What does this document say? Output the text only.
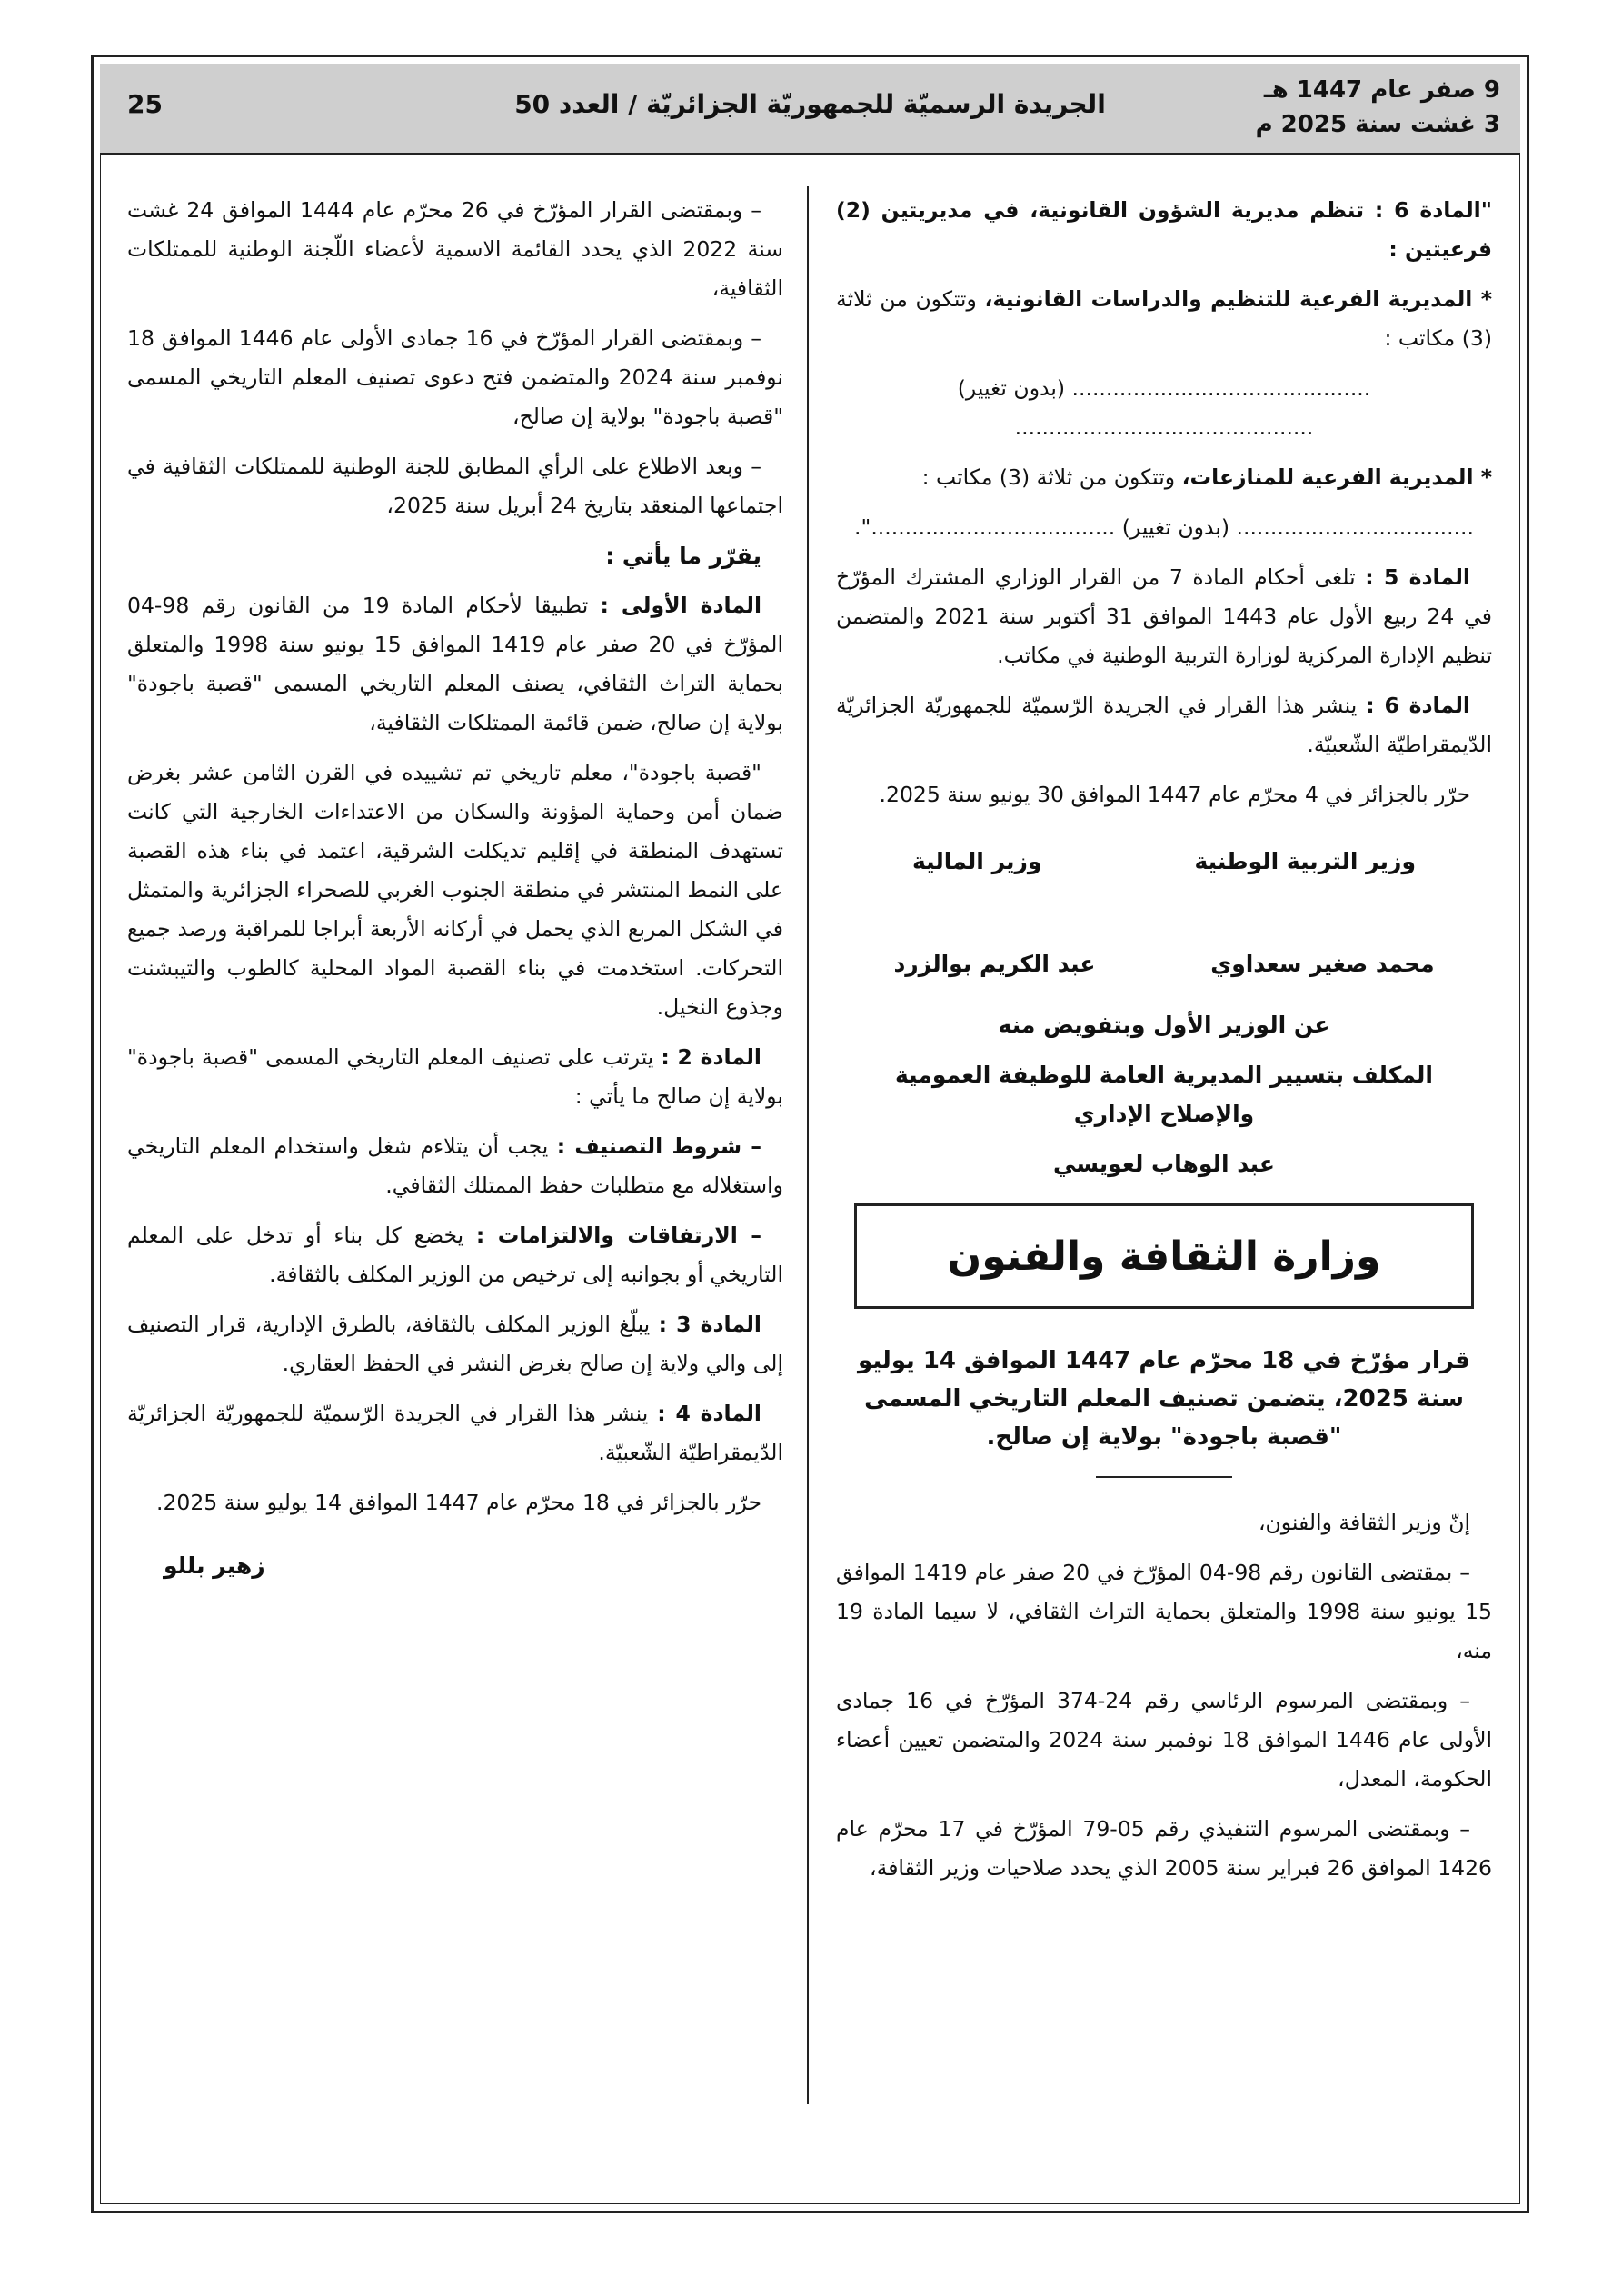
9 صفر عام 1447 هـ
3 غشت سنة 2025 م
الجريدة الرسميّة للجمهوريّة الجزائريّة / العدد 50
25

"المادة 6 : تنظم مديرية الشؤون القانونية، في مديريتين (2) فرعيتين :

* المديرية الفرعية للتنظيم والدراسات القانونية، وتتكون من ثلاثة (3) مكاتب :

............................................ (بدون تغيير) ............................................

* المديرية الفرعية للمنازعات، وتتكون من ثلاثة (3) مكاتب :

................................... (بدون تغيير) ....................................".

المادة 5 : تلغى أحكام المادة 7 من القرار الوزاري المشترك المؤرّخ في 24 ربيع الأول عام 1443 الموافق 31 أكتوبر سنة 2021 والمتضمن تنظيم الإدارة المركزية لوزارة التربية الوطنية في مكاتب.

المادة 6 : ينشر هذا القرار في الجريدة الرّسميّة للجمهوريّة الجزائريّة الدّيمقراطيّة الشّعبيّة.

حرّر بالجزائر في 4 محرّم عام 1447 الموافق 30 يونيو سنة 2025.

وزير التربية الوطنية
وزير المالية
محمد صغير سعداوي
عبد الكريم بوالزرد

عن الوزير الأول وبتفويض منه

المكلف بتسيير المديرية العامة للوظيفة العمومية والإصلاح الإداري

عبد الوهاب لعويسي

وزارة الثقافة والفنون
قرار مؤرّخ في 18 محرّم عام 1447 الموافق 14 يوليو سنة 2025، يتضمن تصنيف المعلم التاريخي المسمى "قصبة باجودة" بولاية إن صالح.

إنّ وزير الثقافة والفنون،

– بمقتضى القانون رقم 98-04 المؤرّخ في 20 صفر عام 1419 الموافق 15 يونيو سنة 1998 والمتعلق بحماية التراث الثقافي، لا سيما المادة 19 منه،

– وبمقتضى المرسوم الرئاسي رقم 24-374 المؤرّخ في 16 جمادى الأولى عام 1446 الموافق 18 نوفمبر سنة 2024 والمتضمن تعيين أعضاء الحكومة، المعدل،

– وبمقتضى المرسوم التنفيذي رقم 05-79 المؤرّخ في 17 محرّم عام 1426 الموافق 26 فبراير سنة 2005 الذي يحدد صلاحيات وزير الثقافة،

– وبمقتضى القرار المؤرّخ في 26 محرّم عام 1444 الموافق 24 غشت سنة 2022 الذي يحدد القائمة الاسمية لأعضاء اللّجنة الوطنية للممتلكات الثقافية،

– وبمقتضى القرار المؤرّخ في 16 جمادى الأولى عام 1446 الموافق 18 نوفمبر سنة 2024 والمتضمن فتح دعوى تصنيف المعلم التاريخي المسمى "قصبة باجودة" بولاية إن صالح،

– وبعد الاطلاع على الرأي المطابق للجنة الوطنية للممتلكات الثقافية في اجتماعها المنعقد بتاريخ 24 أبريل سنة 2025،

يقرّر ما يأتي :

المادة الأولى : تطبيقا لأحكام المادة 19 من القانون رقم 98-04 المؤرّخ في 20 صفر عام 1419 الموافق 15 يونيو سنة 1998 والمتعلق بحماية التراث الثقافي، يصنف المعلم التاريخي المسمى "قصبة باجودة" بولاية إن صالح، ضمن قائمة الممتلكات الثقافية،

"قصبة باجودة"، معلم تاريخي تم تشييده في القرن الثامن عشر بغرض ضمان أمن وحماية المؤونة والسكان من الاعتداءات الخارجية التي كانت تستهدف المنطقة في إقليم تديكلت الشرقية، اعتمد في بناء هذه القصبة على النمط المنتشر في منطقة الجنوب الغربي للصحراء الجزائرية والمتمثل في الشكل المربع الذي يحمل في أركانه الأربعة أبراجا للمراقبة ورصد جميع التحركات. استخدمت في بناء القصبة المواد المحلية كالطوب والتيبشنت وجذوع النخيل.

المادة 2 : يترتب على تصنيف المعلم التاريخي المسمى "قصبة باجودة" بولاية إن صالح ما يأتي :

– شروط التصنيف : يجب أن يتلاءم شغل واستخدام المعلم التاريخي واستغلاله مع متطلبات حفظ الممتلك الثقافي.

– الارتفاقات والالتزامات : يخضع كل بناء أو تدخل على المعلم التاريخي أو بجوانبه إلى ترخيص من الوزير المكلف بالثقافة.

المادة 3 : يبلّغ الوزير المكلف بالثقافة، بالطرق الإدارية، قرار التصنيف إلى والي ولاية إن صالح بغرض النشر في الحفظ العقاري.

المادة 4 : ينشر هذا القرار في الجريدة الرّسميّة للجمهوريّة الجزائريّة الدّيمقراطيّة الشّعبيّة.

حرّر بالجزائر في 18 محرّم عام 1447 الموافق 14 يوليو سنة 2025.

زهير بللو
